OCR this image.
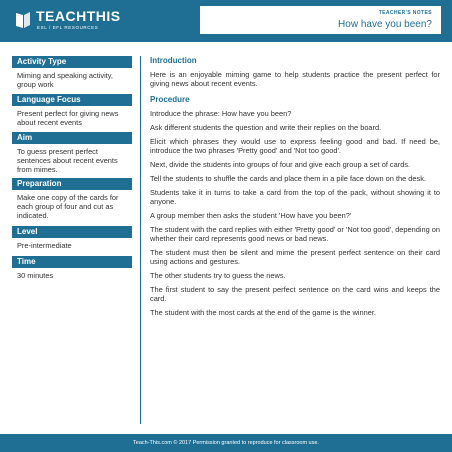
TEACHTHIS
ESL / EFL RESOURCES
TEACHER'S NOTES
How have you been?
Activity Type
Miming and speaking activity, group work
Language Focus
Present perfect for giving news about recent events
Aim
To guess present perfect sentences about recent events from mimes.
Preparation
Make one copy of the cards for each group of four and cut as indicated.
Level
Pre-intermediate
Time
30 minutes

Introduction

Here is an enjoyable miming game to help students practice the present perfect for giving news about recent events.

Procedure

Introduce the phrase: How have you been?

Ask different students the question and write their replies on the board.

Elicit which phrases they would use to express feeling good and bad. If need be, introduce the two phrases 'Pretty good' and 'Not too good'.

Next, divide the students into groups of four and give each group a set of cards.

Tell the students to shuffle the cards and place them in a pile face down on the desk.

Students take it in turns to take a card from the top of the pack, without showing it to anyone.

A group member then asks the student 'How have you been?'

The student with the card replies with either 'Pretty good' or 'Not too good', depending on whether their card represents good news or bad news.

The student must then be silent and mime the present perfect sentence on their card using actions and gestures.

The other students try to guess the news.

The first student to say the present perfect sentence on the card wins and keeps the card.

The student with the most cards at the end of the game is the winner.

Teach-This.com © 2017 Permission granted to reproduce for classroom use.
